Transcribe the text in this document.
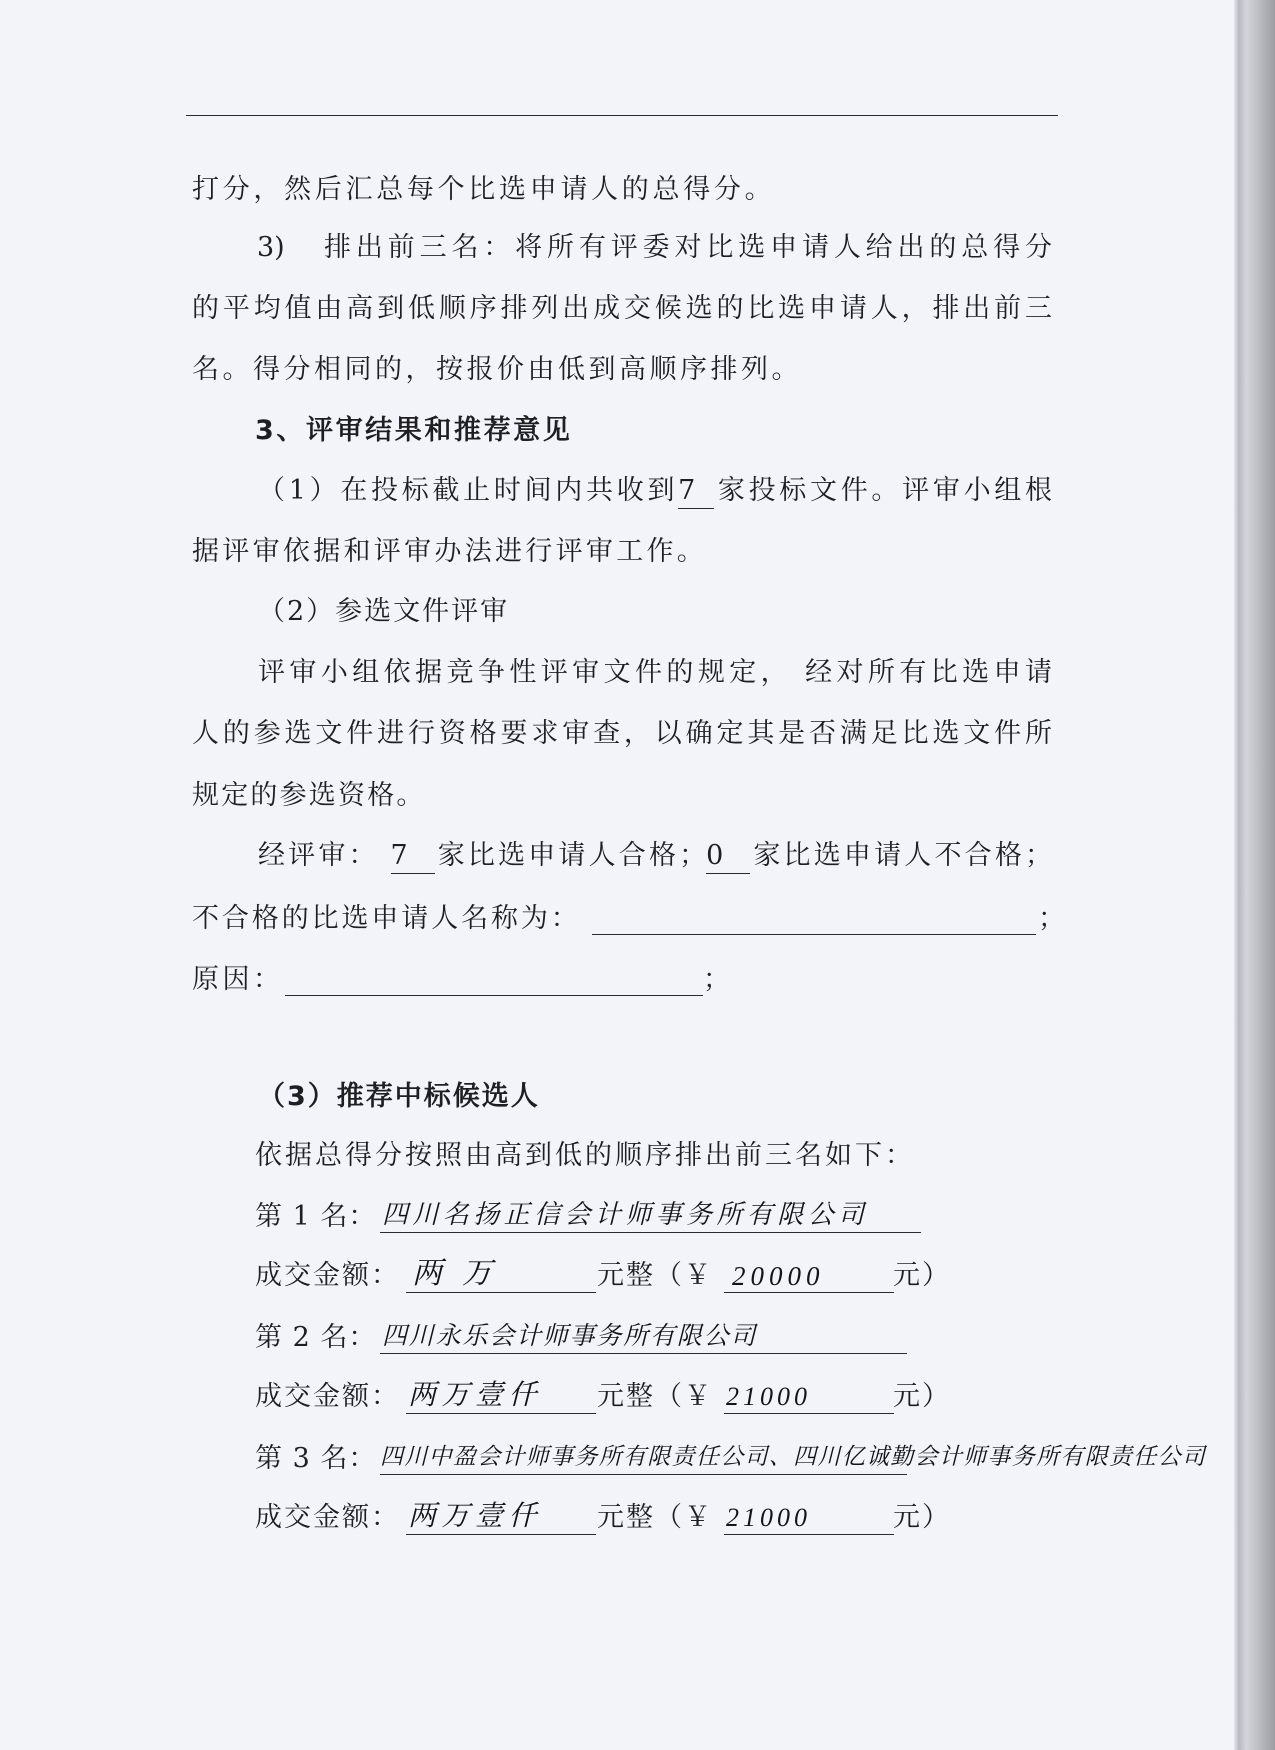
打分，然后汇总每个比选申请人的总得分。
3) 排出前三名：将所有评委对比选申请人给出的总得分
的平均值由高到低顺序排列出成交候选的比选申请人，排出前三
名。得分相同的，按报价由低到高顺序排列。
3、评审结果和推荐意见
（1）在投标截止时间内共收到7 家投标文件。评审小组根
据评审依据和评审办法进行评审工作。
（2）参选文件评审
评审小组依据竞争性评审文件的规定， 经对所有比选申请
人的参选文件进行资格要求审查，以确定其是否满足比选文件所
规定的参选资格。
经评审： 7 家比选申请人合格；0 家比选申请人不合格；
不合格的比选申请人名称为：	；
原因：	；
（3）推荐中标候选人
依据总得分按照由高到低的顺序排出前三名如下：
第 1 名： 四川名扬正信会计师事务所有限公司
成交金额： 两万	元整（￥ 20000	元）
第 2 名： 四川永乐会计师事务所有限公司
成交金额： 两万壹仟 元整（￥ 21000	元）
第 3 名： 四川中盈会计师事务所有限责任公司、四川亿诚勤会计师事务所有限责任公司
成交金额： 两万壹仟 元整（￥ 21000	元）
